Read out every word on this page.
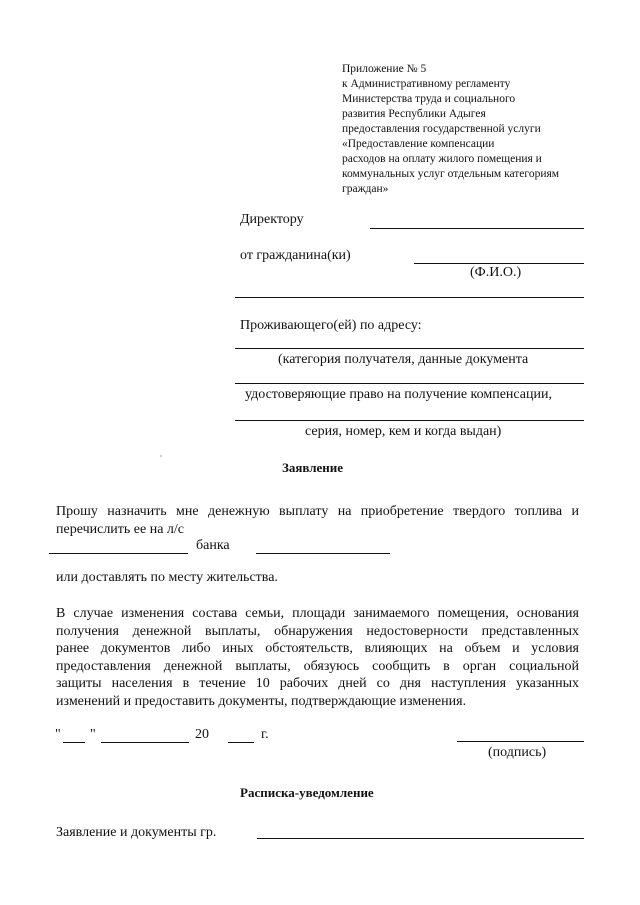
Приложение № 5
к Административному регламенту
Министерства труда и социального
развития Республики Адыгея
предоставления государственной услуги
«Предоставление компенсации
расходов на оплату жилого помещения и
коммунальных услуг отдельным категориям
граждан»
Директору
от гражданина(ки)
(Ф.И.О.)
Проживающего(ей) по адресу:
(категория получателя, данные документа
удостоверяющие право на получение компенсации,
серия, номер, кем и когда выдан)
Заявление
Прошу назначить мне денежную выплату на приобретение твердого топлива и
перечислить ее на л/с
банка
или доставлять по месту жительства.
В случае изменения состава семьи, площади занимаемого помещения, основания
получения денежной выплаты, обнаружения недостоверности представленных
ранее документов либо иных обстоятельств, влияющих на объем и условия
предоставления денежной выплаты, обязуюсь сообщить в орган социальной
защиты населения в течение 10 рабочих дней со дня наступления указанных
изменений и предоставить документы, подтверждающие изменения.
" "	20	г.
(подпись)
Расписка-уведомление
Заявление и документы гр.
